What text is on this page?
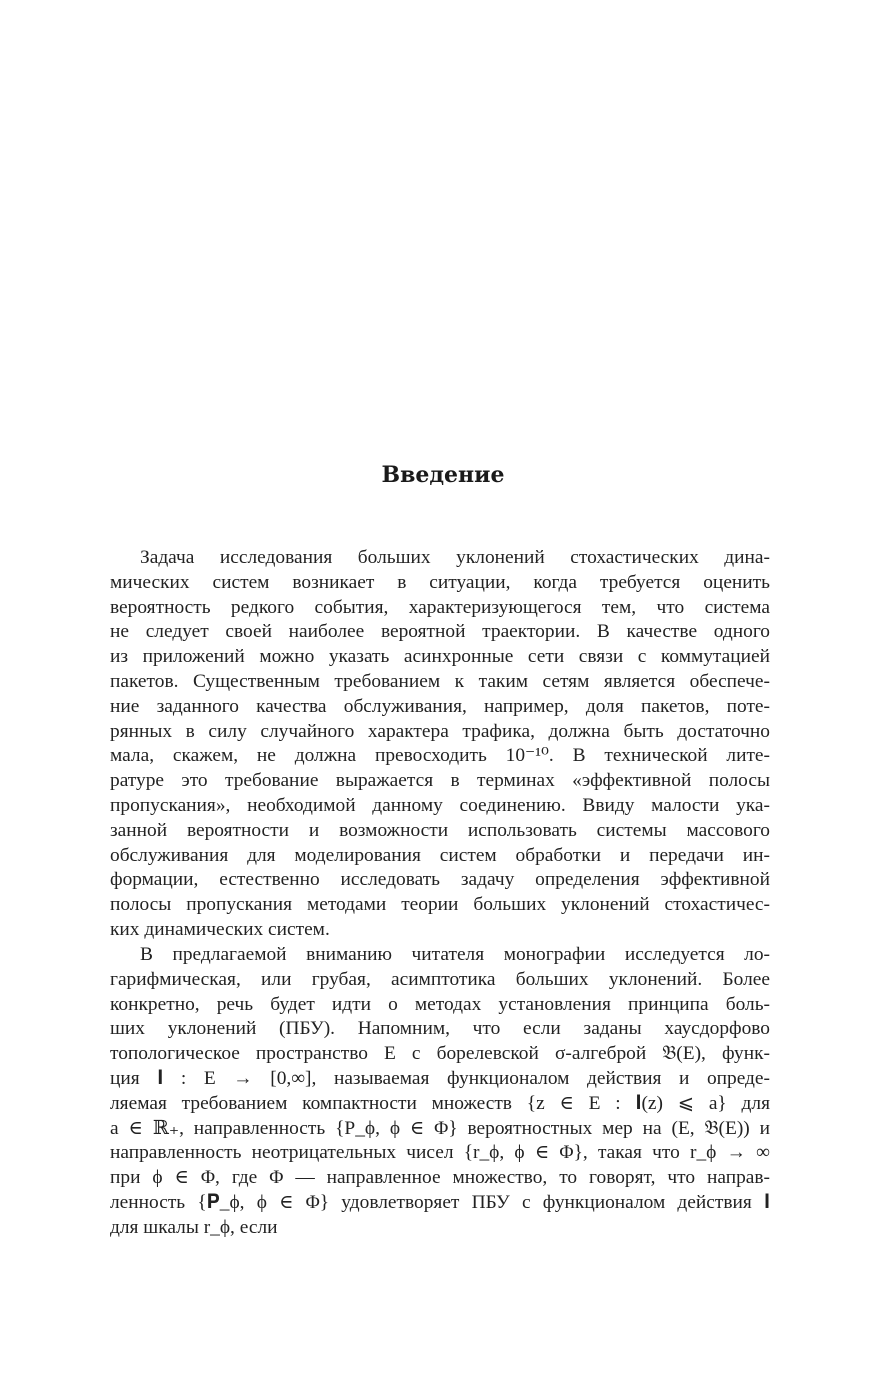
Введение
Задача исследования больших уклонений стохастических дина-
мических систем возникает в ситуации, когда требуется оценить
вероятность редкого события, характеризующегося тем, что система
не следует своей наиболее вероятной траектории. В качестве одного
из приложений можно указать асинхронные сети связи с коммутацией
пакетов. Существенным требованием к таким сетям является обеспече-
ние заданного качества обслуживания, например, доля пакетов, поте-
рянных в силу случайного характера трафика, должна быть достаточно
мала, скажем, не должна превосходить 10⁻¹⁰. В технической лите-
ратуре это требование выражается в терминах «эффективной полосы
пропускания», необходимой данному соединению. Ввиду малости ука-
занной вероятности и возможности использовать системы массового
обслуживания для моделирования систем обработки и передачи ин-
формации, естественно исследовать задачу определения эффективной
полосы пропускания методами теории больших уклонений стохастичес-
ких динамических систем.
В предлагаемой вниманию читателя монографии исследуется ло-
гарифмическая, или грубая, асимптотика больших уклонений. Более
конкретно, речь будет идти о методах установления принципа боль-
ших уклонений (ПБУ). Напомним, что если заданы хаусдорфово
топологическое пространство E с борелевской σ-алгеброй 𝔅(E), функ-
ция 𝐈 : E → [0,∞], называемая функционалом действия и опреде-
ляемая требованием компактности множеств {z ∈ E : 𝐈(z) ⩽ a} для
a ∈ ℝ₊, направленность {P_ϕ, ϕ ∈ Φ} вероятностных мер на (E, 𝔅(E)) и
направленность неотрицательных чисел {r_ϕ, ϕ ∈ Φ}, такая что r_ϕ → ∞
при ϕ ∈ Φ, где Φ — направленное множество, то говорят, что направ-
ленность {𝐏_ϕ, ϕ ∈ Φ} удовлетворяет ПБУ с функционалом действия 𝐈
для шкалы r_ϕ, если
